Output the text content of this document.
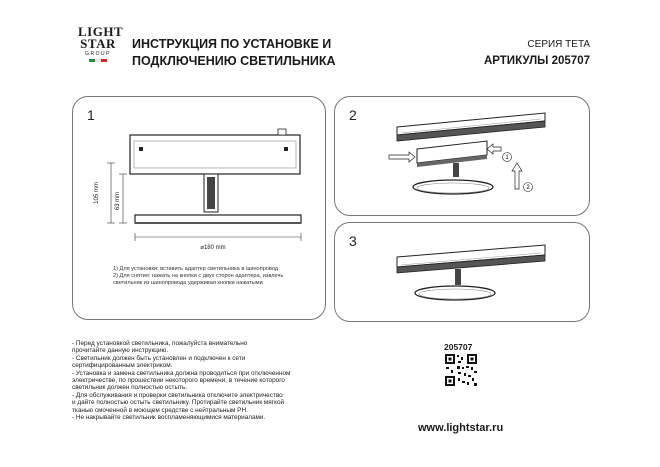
LIGHT
STAR
GROUP
ИНСТРУКЦИЯ ПО УСТАНОВКЕ И
ПОДКЛЮЧЕНИЮ СВЕТИЛЬНИКА
СЕРИЯ TETA
АРТИКУЛЫ 205707
1
105 mm	63 mm
⌀180 mm
1) Для установки: вставить адаптер светильника в шинопровод
2) Для снятия: нажать на кнопки с двух сторон адаптера, извлечь
светильник из шинопровода удерживая кнопки нажатыми
2
1
2
3
- Перед установкой светильника, пожалуйста внимательно
прочитайте данную инструкцию.
- Светильник должен быть установлен и подключен к сети
сертифицированным электриком.
- Установка и замена светильника должна проводиться при отключенном
электричестве, по прошествии некоторого времени, в течение которого
светильник должен полностью остыть.
- Для обслуживания и проверки светильника отключите электричество
и дайте полностью остыть светильнику. Протирайте светильник мягкой
тканью смоченной в моющем средстве с нейтральным PH.
- Не накрывайте светильник воспламеняющимися материалами.
205707
www.lightstar.ru
